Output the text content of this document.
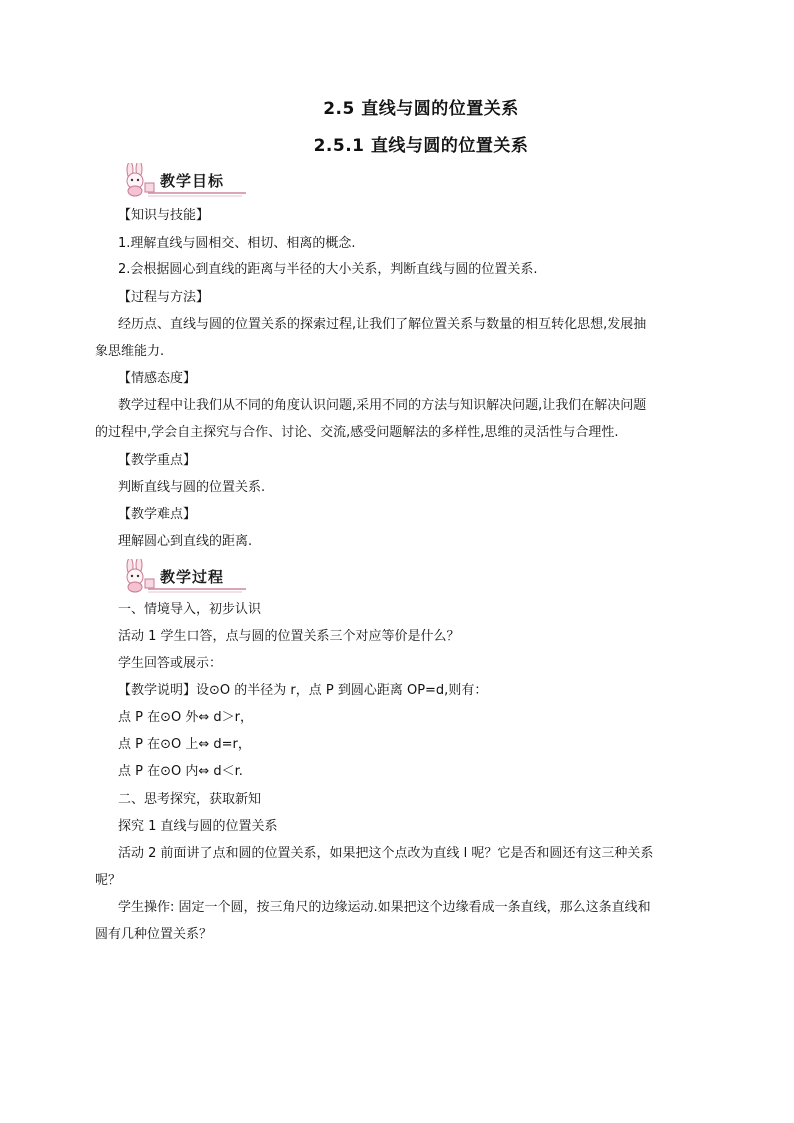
2.5 直线与圆的位置关系
2.5.1 直线与圆的位置关系
教学目标
【知识与技能】
1.理解直线与圆相交、相切、相离的概念.
2.会根据圆心到直线的距离与半径的大小关系，判断直线与圆的位置关系.
【过程与方法】
经历点、直线与圆的位置关系的探索过程,让我们了解位置关系与数量的相互转化思想,发展抽
象思维能力.
【情感态度】
教学过程中让我们从不同的角度认识问题,采用不同的方法与知识解决问题,让我们在解决问题
的过程中,学会自主探究与合作、讨论、交流,感受问题解法的多样性,思维的灵活性与合理性.
【教学重点】
判断直线与圆的位置关系.
【教学难点】
理解圆心到直线的距离.
教学过程
一、情境导入，初步认识
活动 1 学生口答，点与圆的位置关系三个对应等价是什么？
学生回答或展示：
【教学说明】设⊙O 的半径为 r，点 P 到圆心距离 OP=d,则有：
点 P 在⊙O 外⇔ d＞r，
点 P 在⊙O 上⇔ d=r，
点 P 在⊙O 内⇔ d＜r.
二、思考探究，获取新知
探究 1 直线与圆的位置关系
活动 2 前面讲了点和圆的位置关系，如果把这个点改为直线 l 呢？它是否和圆还有这三种关系
呢？
学生操作: 固定一个圆，按三角尺的边缘运动.如果把这个边缘看成一条直线，那么这条直线和
圆有几种位置关系？
